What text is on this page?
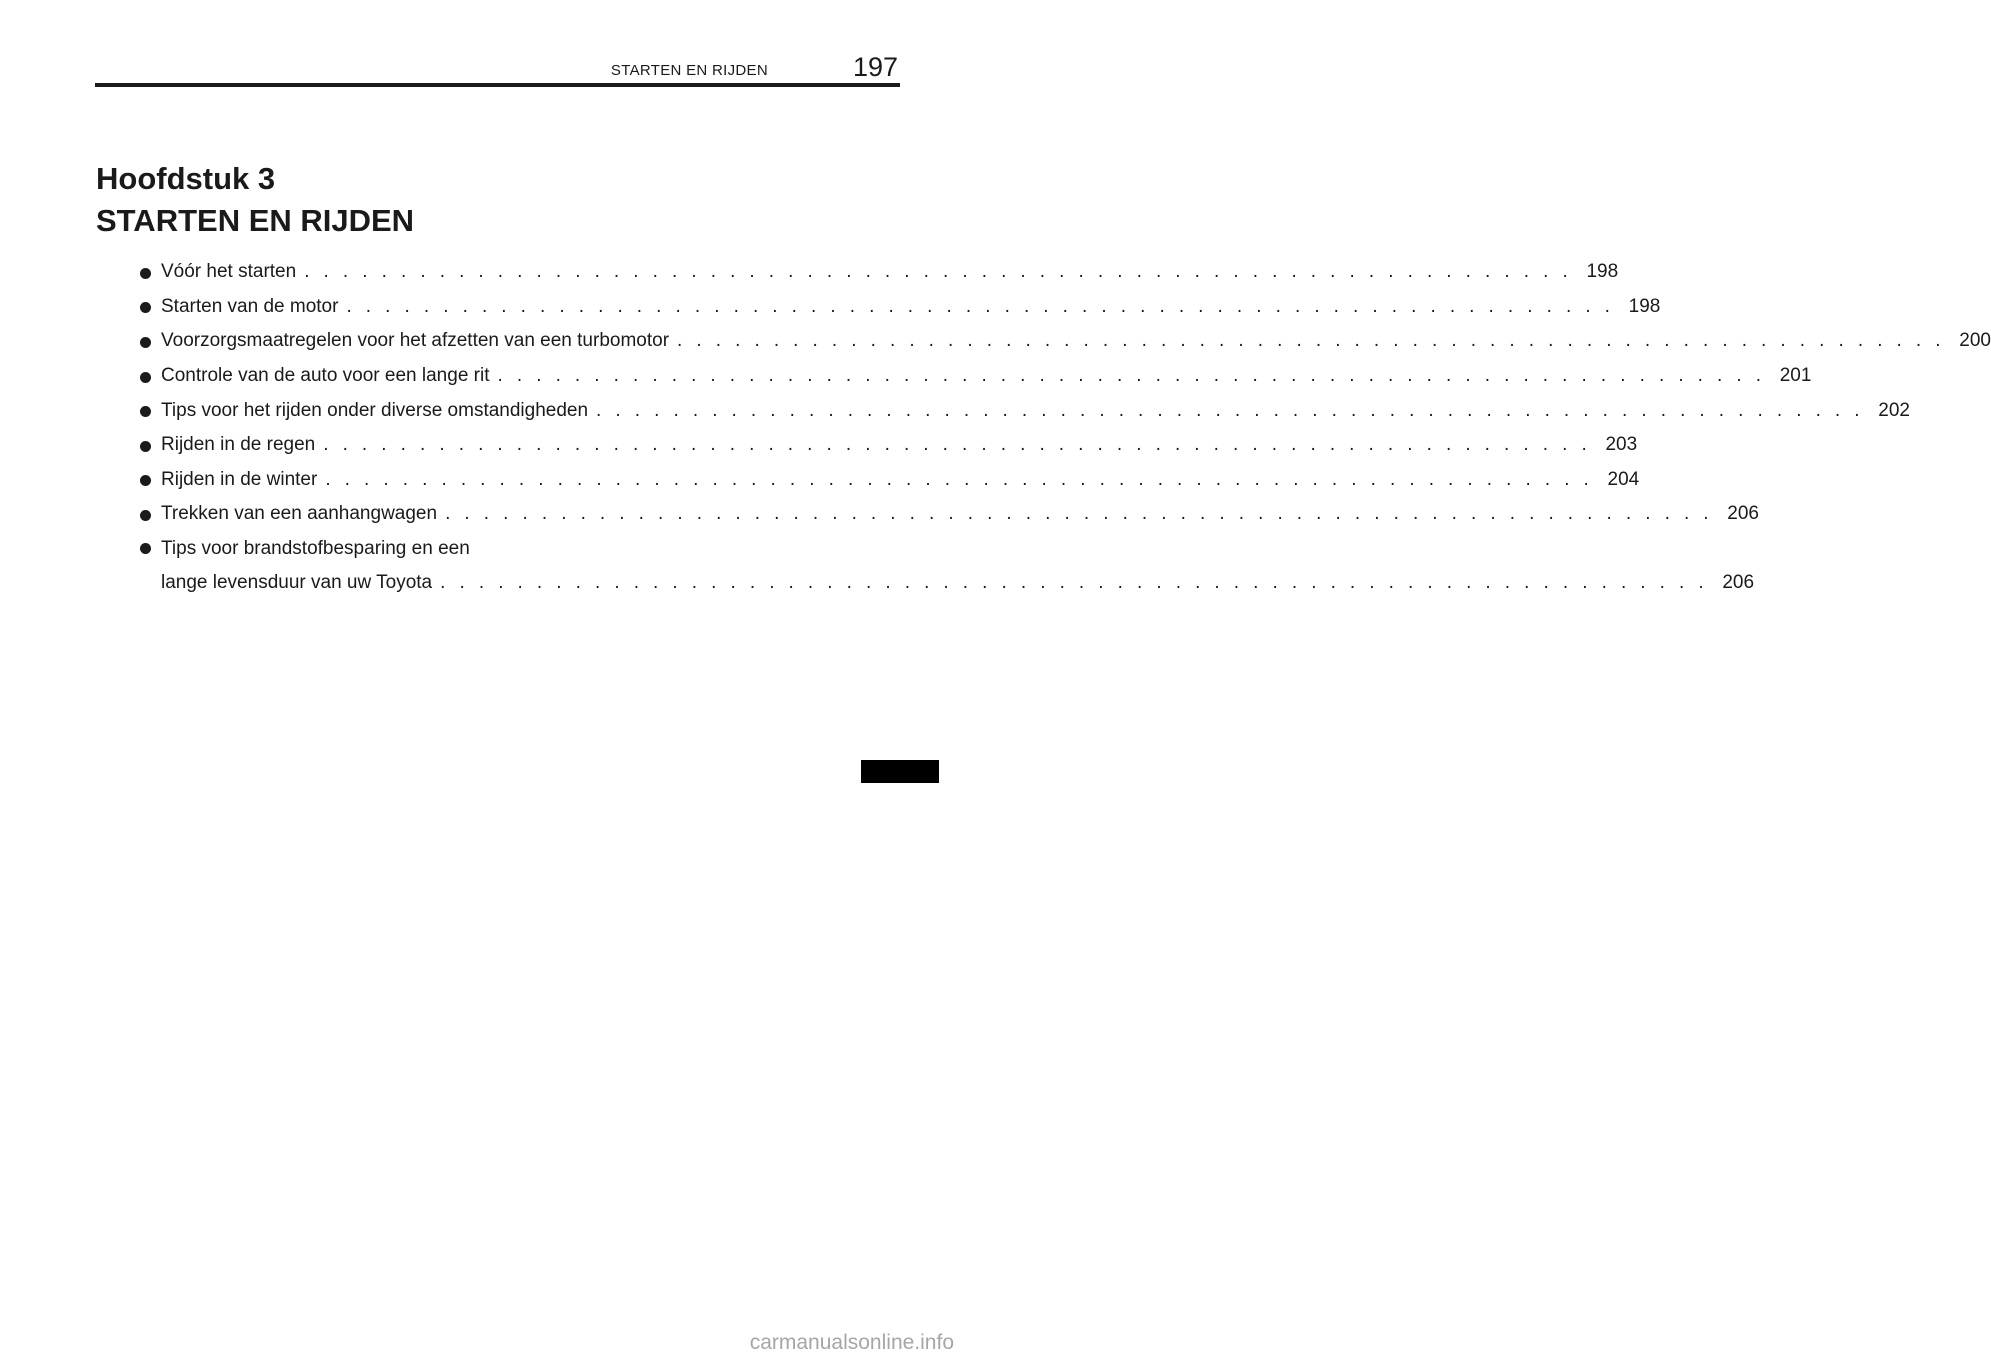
STARTEN EN RIJDEN	197
Hoofdstuk 3
STARTEN EN RIJDEN
Vóór het starten . . .	198
Starten van de motor . . .	198
Voorzorgsmaatregelen voor het afzetten van een turbomotor . . .	200
Controle van de auto voor een lange rit . . .	201
Tips voor het rijden onder diverse omstandigheden . . .	202
Rijden in de regen . . .	203
Rijden in de winter . . .	204
Trekken van een aanhangwagen . . .	206
Tips voor brandstofbesparing en een
lange levensduur van uw Toyota . . .	206
carmanualsonline.info
